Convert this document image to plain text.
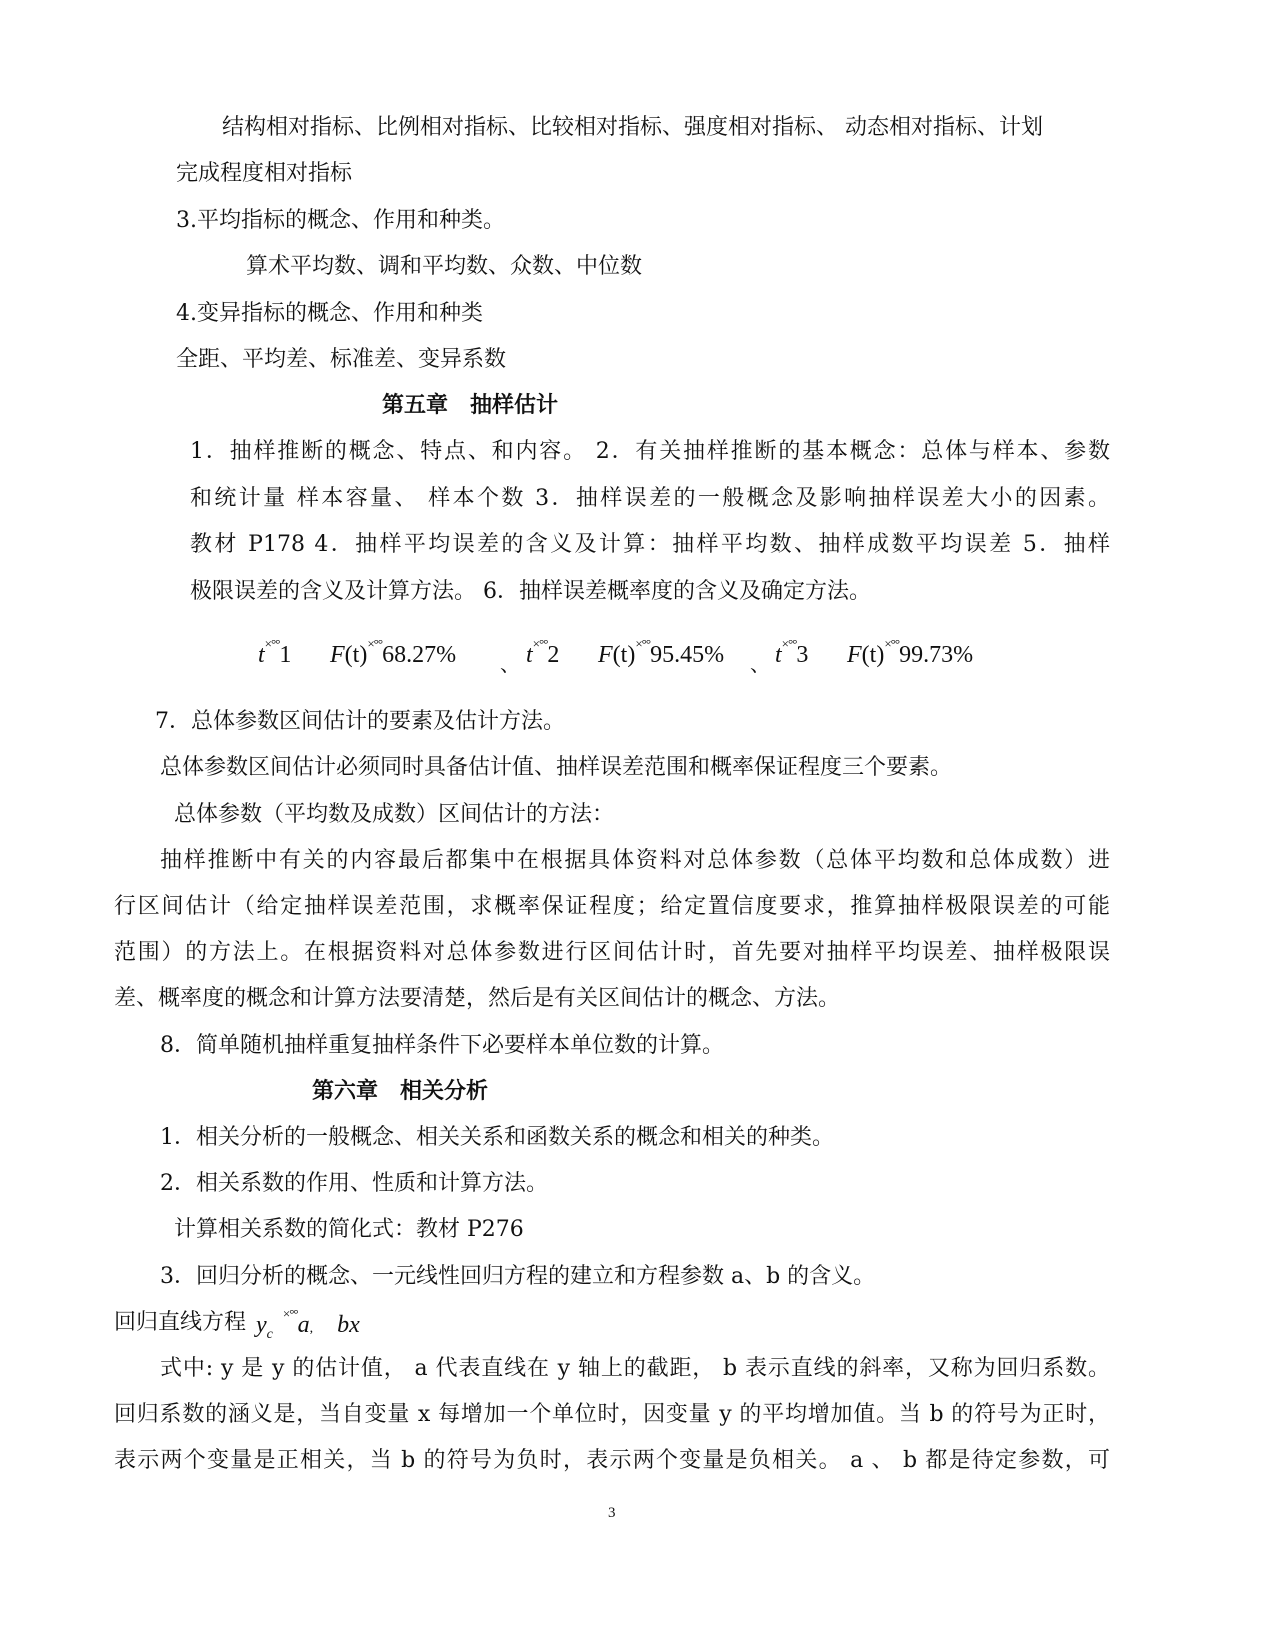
结构相对指标、比例相对指标、比较相对指标、强度相对指标、 动态相对指标、计划
完成程度相对指标
3.平均指标的概念、作用和种类。
算术平均数、调和平均数、众数、中位数
4.变异指标的概念、作用和种类
全距、平均差、标准差、变异系数
第五章　抽样估计
1．抽样推断的概念、特点、和内容。 2．有关抽样推断的基本概念：总体与样本、参数
和统计量 样本容量、 样本个数 3．抽样误差的一般概念及影响抽样误差大小的因素。
教材 P178 4．抽样平均误差的含义及计算：抽样平均数、抽样成数平均误差 5．抽样
极限误差的含义及计算方法。 6．抽样误差概率度的含义及确定方法。
t×°°1 F(t)×°°68.27% 、 t×°°2 F(t)×°°95.45% 、 t×°°3 F(t)×°°99.73%
7．总体参数区间估计的要素及估计方法。
总体参数区间估计必须同时具备估计值、抽样误差范围和概率保证程度三个要素。
总体参数（平均数及成数）区间估计的方法：
抽样推断中有关的内容最后都集中在根据具体资料对总体参数（总体平均数和总体成数）进
行区间估计（给定抽样误差范围，求概率保证程度；给定置信度要求，推算抽样极限误差的可能
范围）的方法上。在根据资料对总体参数进行区间估计时，首先要对抽样平均误差、抽样极限误
差、概率度的概念和计算方法要清楚，然后是有关区间估计的概念、方法。
8．简单随机抽样重复抽样条件下必要样本单位数的计算。
第六章　相关分析
1．相关分析的一般概念、相关关系和函数关系的概念和相关的种类。
2．相关系数的作用、性质和计算方法。
计算相关系数的简化式：教材 P276
3．回归分析的概念、一元线性回归方程的建立和方程参数 a、b 的含义。
回归直线方程 $y_c^{\times^\circ^\circ}a$, bx
式中: y 是 y 的估计值， a 代表直线在 y 轴上的截距， b 表示直线的斜率，又称为回归系数。
回归系数的涵义是，当自变量 x 每增加一个单位时，因变量 y 的平均增加值。当 b 的符号为正时，
表示两个变量是正相关，当 b 的符号为负时，表示两个变量是负相关。 a 、 b 都是待定参数，可
3
